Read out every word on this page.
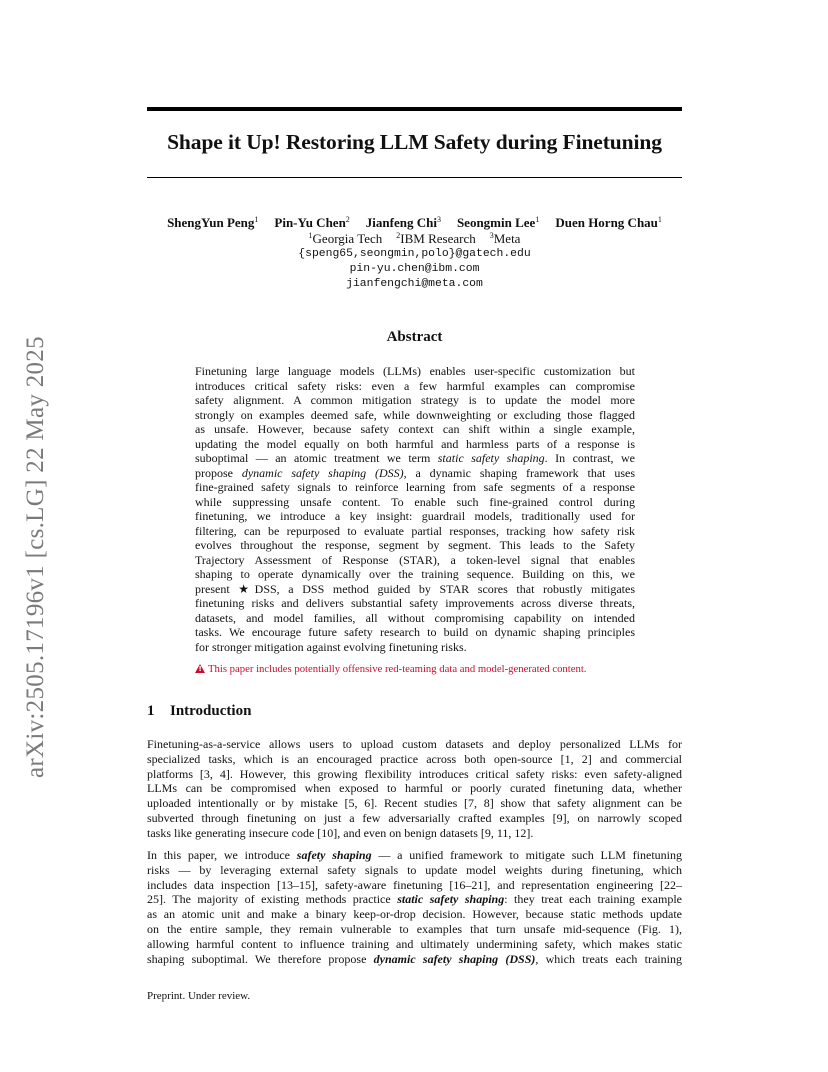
arXiv:2505.17196v1 [cs.LG] 22 May 2025
Shape it Up! Restoring LLM Safety during Finetuning
ShengYun Peng$^1$ Pin-Yu Chen$^2$ Jianfeng Chi$^3$ Seongmin Lee$^1$ Duen Horng Chau$^1$
$^1$Georgia Tech $^2$IBM Research $^3$Meta
{speng65,seongmin,polo}@gatech.edu
pin-yu.chen@ibm.com
jianfengchi@meta.com
Abstract
Finetuning large language models (LLMs) enables user-specific customization but
introduces critical safety risks: even a few harmful examples can compromise
safety alignment. A common mitigation strategy is to update the model more
strongly on examples deemed safe, while downweighting or excluding those flagged
as unsafe. However, because safety context can shift within a single example,
updating the model equally on both harmful and harmless parts of a response is
suboptimal — an atomic treatment we term static safety shaping. In contrast, we
propose dynamic safety shaping (DSS), a dynamic shaping framework that uses
fine-grained safety signals to reinforce learning from safe segments of a response
while suppressing unsafe content. To enable such fine-grained control during
finetuning, we introduce a key insight: guardrail models, traditionally used for
filtering, can be repurposed to evaluate partial responses, tracking how safety risk
evolves throughout the response, segment by segment. This leads to the Safety
Trajectory Assessment of Response (STAR), a token-level signal that enables
shaping to operate dynamically over the training sequence. Building on this, we
present ★DSS, a DSS method guided by STAR scores that robustly mitigates
finetuning risks and delivers substantial safety improvements across diverse threats,
datasets, and model families, all without compromising capability on intended
tasks. We encourage future safety research to build on dynamic shaping principles
for stronger mitigation against evolving finetuning risks.
!This paper includes potentially offensive red-teaming data and model-generated content.
1 Introduction
Finetuning-as-a-service allows users to upload custom datasets and deploy personalized LLMs for
specialized tasks, which is an encouraged practice across both open-source [1, 2] and commercial
platforms [3, 4]. However, this growing flexibility introduces critical safety risks: even safety-aligned
LLMs can be compromised when exposed to harmful or poorly curated finetuning data, whether
uploaded intentionally or by mistake [5, 6]. Recent studies [7, 8] show that safety alignment can be
subverted through finetuning on just a few adversarially crafted examples [9], on narrowly scoped
tasks like generating insecure code [10], and even on benign datasets [9, 11, 12].
In this paper, we introduce safety shaping — a unified framework to mitigate such LLM finetuning
risks — by leveraging external safety signals to update model weights during finetuning, which
includes data inspection [13–15], safety-aware finetuning [16–21], and representation engineering [22–
25]. The majority of existing methods practice static safety shaping: they treat each training example
as an atomic unit and make a binary keep-or-drop decision. However, because static methods update
on the entire sample, they remain vulnerable to examples that turn unsafe mid-sequence (Fig. 1),
allowing harmful content to influence training and ultimately undermining safety, which makes static
shaping suboptimal. We therefore propose dynamic safety shaping (DSS), which treats each training
Preprint. Under review.
